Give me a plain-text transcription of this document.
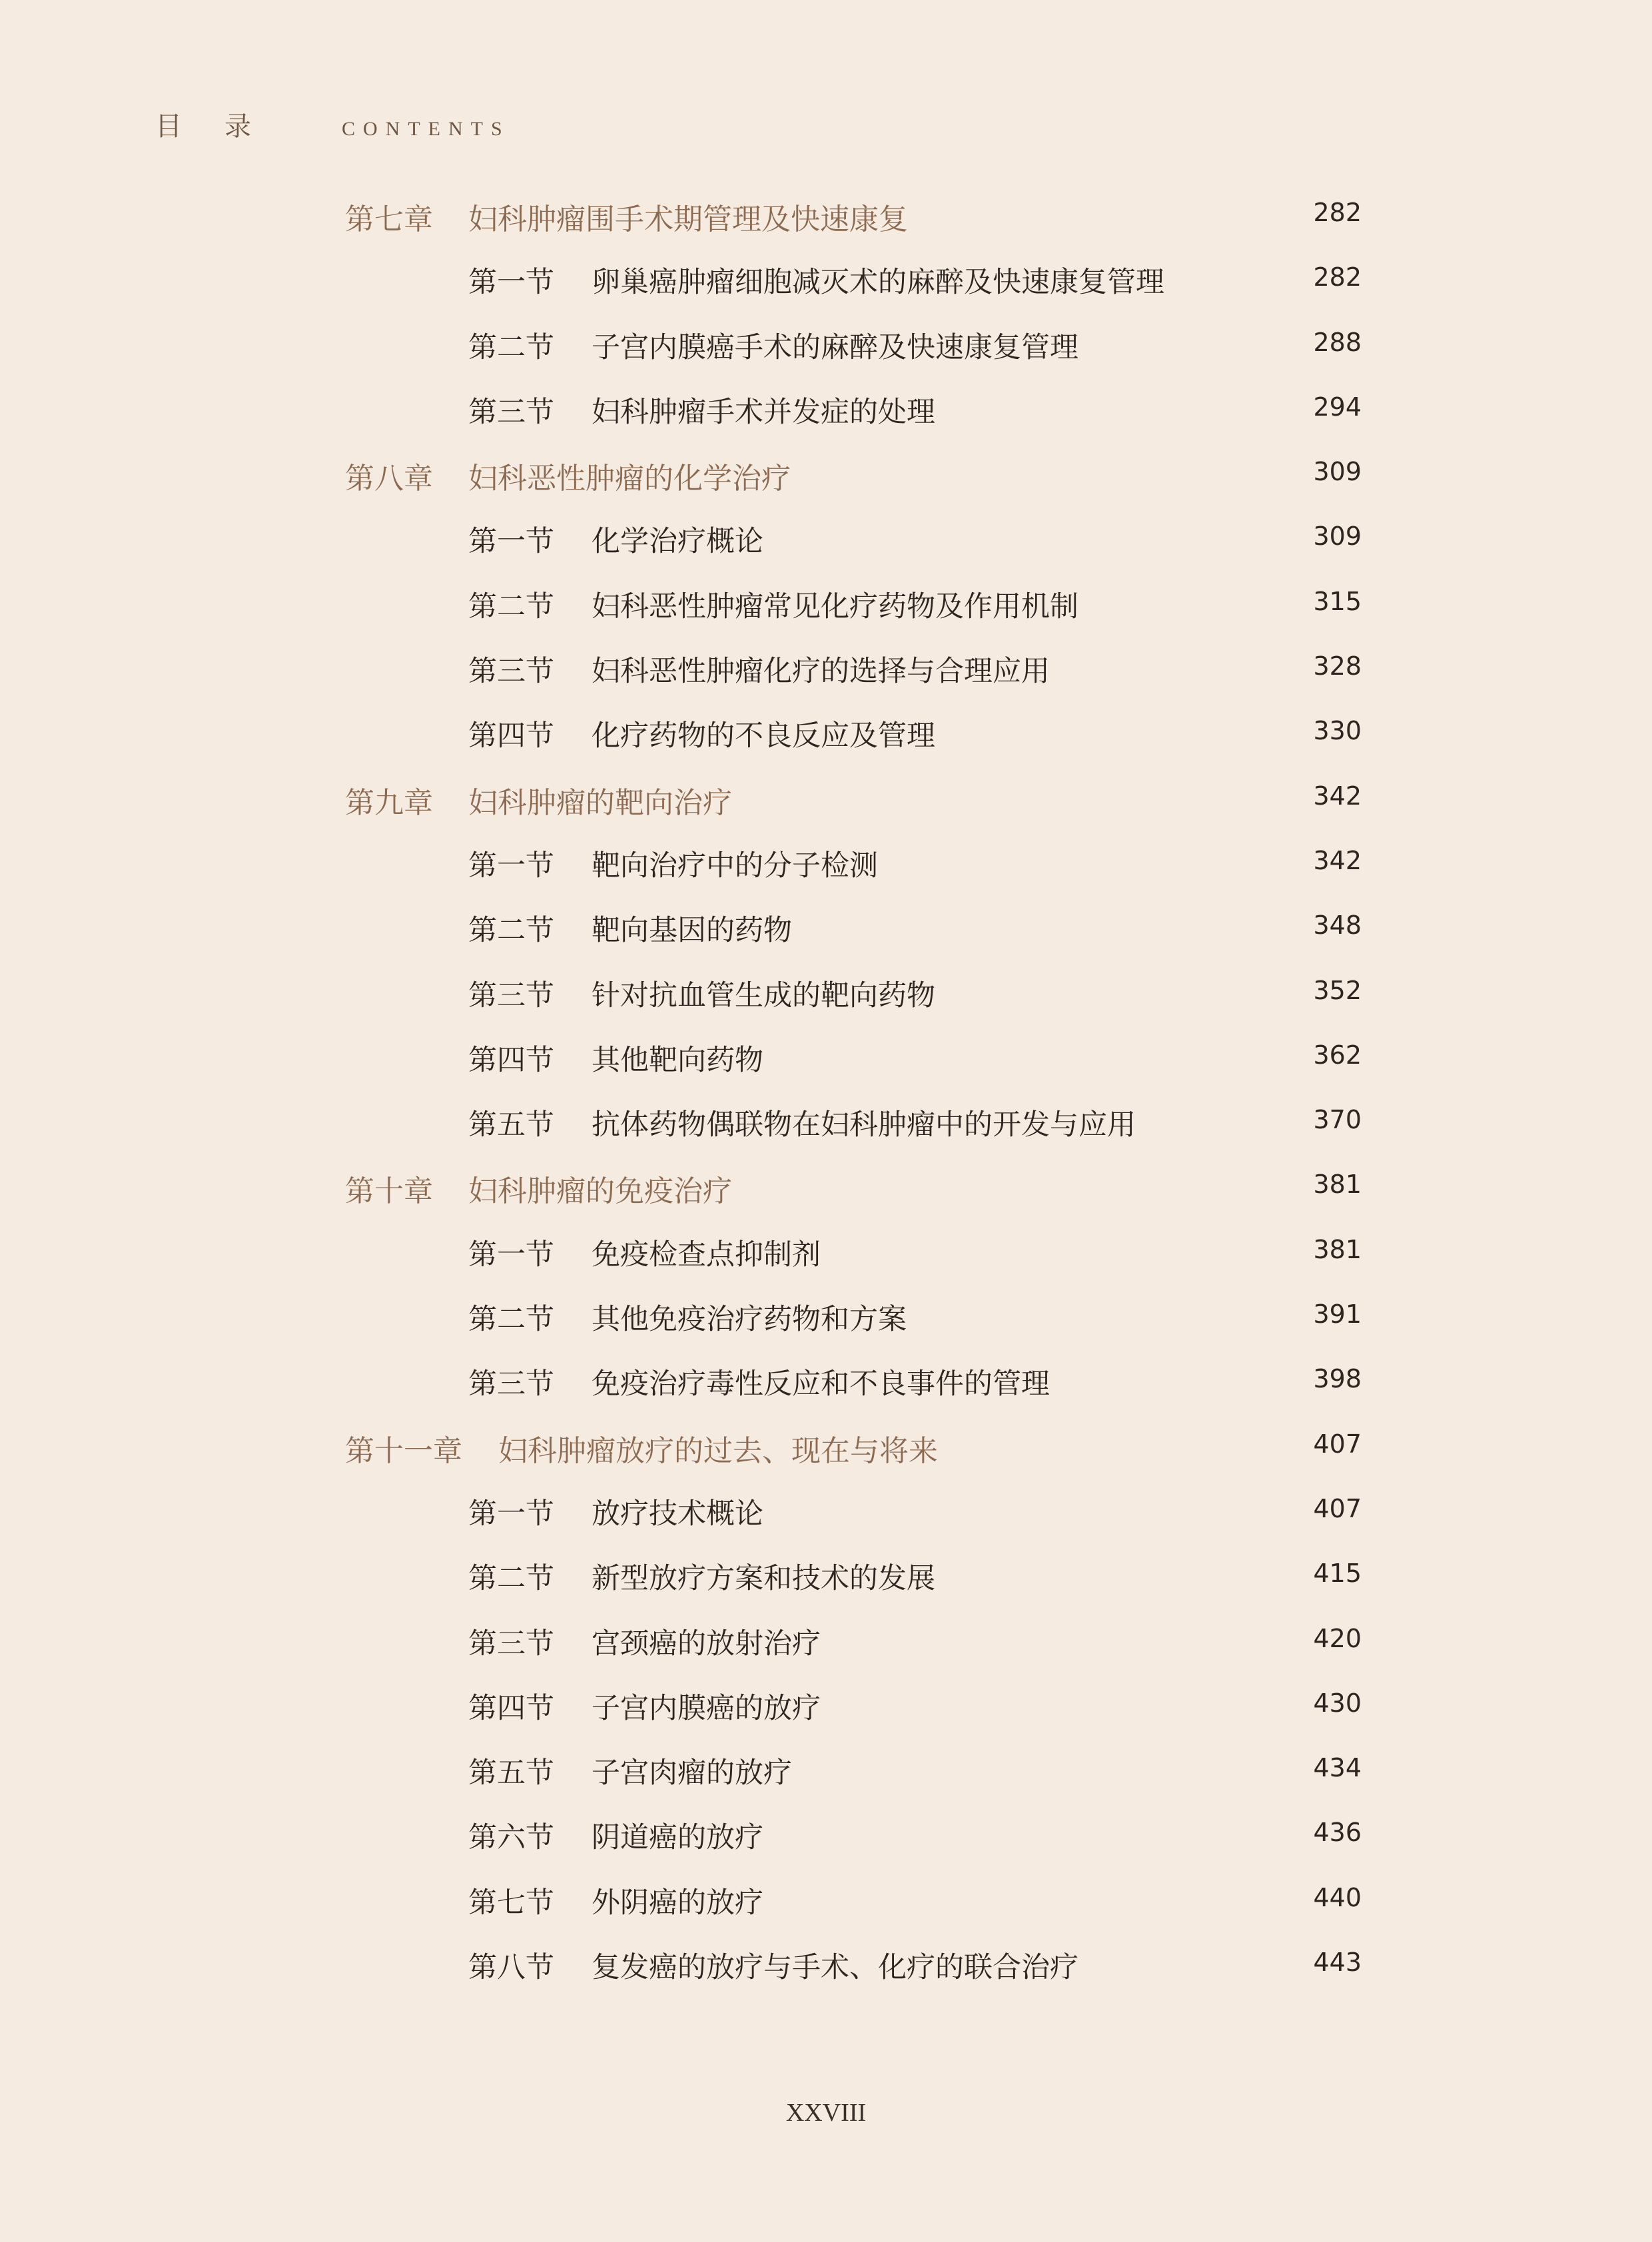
目 录	CONTENTS
第七章 妇科肿瘤围手术期管理及快速康复	282
第一节 卵巢癌肿瘤细胞减灭术的麻醉及快速康复管理	282
第二节 子宫内膜癌手术的麻醉及快速康复管理	288
第三节 妇科肿瘤手术并发症的处理	294
第八章 妇科恶性肿瘤的化学治疗	309
第一节 化学治疗概论	309
第二节 妇科恶性肿瘤常见化疗药物及作用机制	315
第三节 妇科恶性肿瘤化疗的选择与合理应用	328
第四节 化疗药物的不良反应及管理	330
第九章 妇科肿瘤的靶向治疗	342
第一节 靶向治疗中的分子检测	342
第二节 靶向基因的药物	348
第三节 针对抗血管生成的靶向药物	352
第四节 其他靶向药物	362
第五节 抗体药物偶联物在妇科肿瘤中的开发与应用	370
第十章 妇科肿瘤的免疫治疗	381
第一节 免疫检查点抑制剂	381
第二节 其他免疫治疗药物和方案	391
第三节 免疫治疗毒性反应和不良事件的管理	398
第十一章 妇科肿瘤放疗的过去、现在与将来	407
第一节 放疗技术概论	407
第二节 新型放疗方案和技术的发展	415
第三节 宫颈癌的放射治疗	420
第四节 子宫内膜癌的放疗	430
第五节 子宫肉瘤的放疗	434
第六节 阴道癌的放疗	436
第七节 外阴癌的放疗	440
第八节 复发癌的放疗与手术、化疗的联合治疗	443
XXVIII
